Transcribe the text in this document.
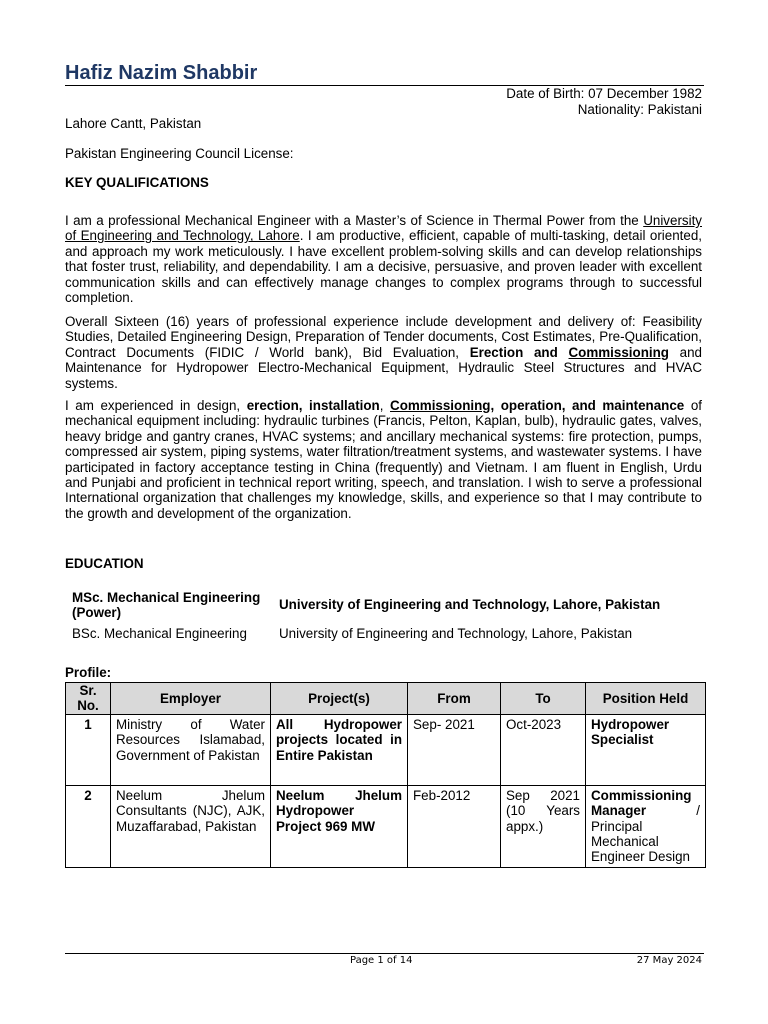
Hafiz Nazim Shabbir
Date of Birth: 07 December 1982
Nationality: Pakistani
Lahore Cantt, Pakistan
Pakistan Engineering Council License:
KEY QUALIFICATIONS
I am a professional Mechanical Engineer with a Master’s of Science in Thermal Power from the University of Engineering and Technology, Lahore. I am productive, efficient, capable of multi-tasking, detail oriented, and approach my work meticulously. I have excellent problem-solving skills and can develop relationships that foster trust, reliability, and dependability. I am a decisive, persuasive, and proven leader with excellent communication skills and can effectively manage changes to complex programs through to successful completion.
Overall Sixteen (16) years of professional experience include development and delivery of: Feasibility Studies, Detailed Engineering Design, Preparation of Tender documents, Cost Estimates, Pre-Qualification, Contract Documents (FIDIC / World bank), Bid Evaluation, Erection and Commissioning and Maintenance for Hydropower Electro-Mechanical Equipment, Hydraulic Steel Structures and HVAC systems.
I am experienced in design, erection, installation, Commissioning, operation, and maintenance of mechanical equipment including: hydraulic turbines (Francis, Pelton, Kaplan, bulb), hydraulic gates, valves, heavy bridge and gantry cranes, HVAC systems; and ancillary mechanical systems: fire protection, pumps, compressed air system, piping systems, water filtration/treatment systems, and wastewater systems. I have participated in factory acceptance testing in China (frequently) and Vietnam. I am fluent in English, Urdu and Punjabi and proficient in technical report writing, speech, and translation. I wish to serve a professional International organization that challenges my knowledge, skills, and experience so that I may contribute to the growth and development of the organization.
EDUCATION
MSc. Mechanical Engineering (Power)	University of Engineering and Technology, Lahore, Pakistan
BSc. Mechanical Engineering	University of Engineering and Technology, Lahore, Pakistan
Profile:
Sr. No.	Employer	Project(s)	From	To	Position Held
1	Ministry of Water Resources Islamabad, Government of Pakistan	All Hydropower projects located in Entire Pakistan	Sep- 2021	Oct-2023	Hydropower Specialist
2	Neelum Jhelum Consultants (NJC), AJK, Muzaffarabad, Pakistan	Neelum Jhelum Hydropower Project 969 MW	Feb-2012	Sep 2021 (10 Years appx.)	Commissioning Manager / Principal Mechanical Engineer Design
Page 1 of 14	27 May 2024
